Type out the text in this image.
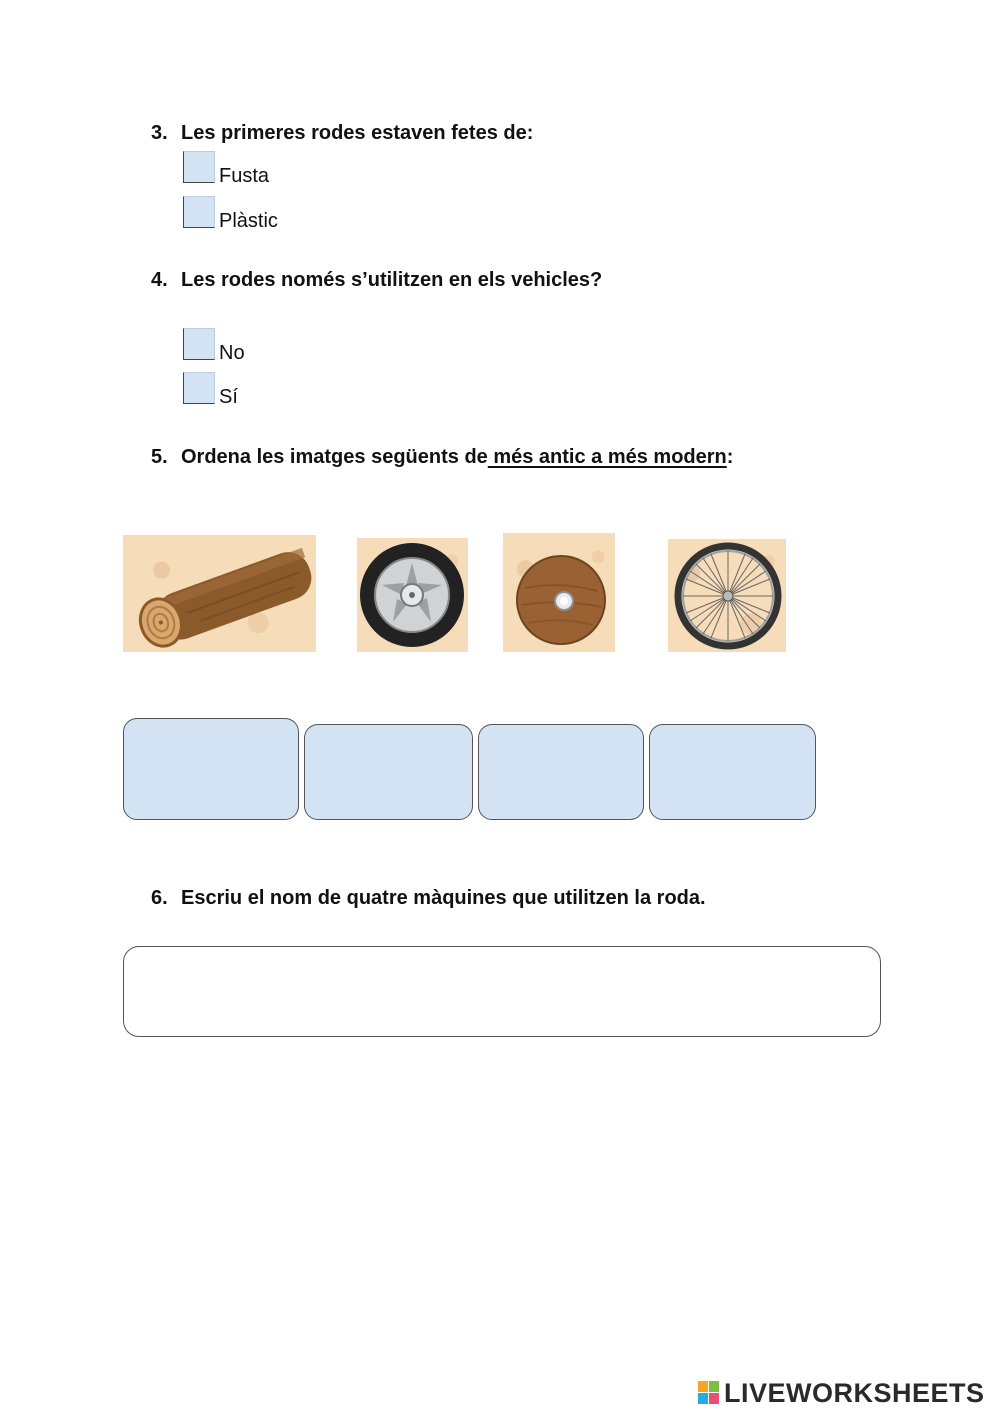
3. Les primeres rodes estaven fetes de:
Fusta
Plàstic
4. Les rodes només s’utilitzen en els vehicles?
No
Sí
5. Ordena les imatges següents de més antic a més modern:
6. Escriu el nom de quatre màquines que utilitzen la roda.
LIVEWORKSHEETS
